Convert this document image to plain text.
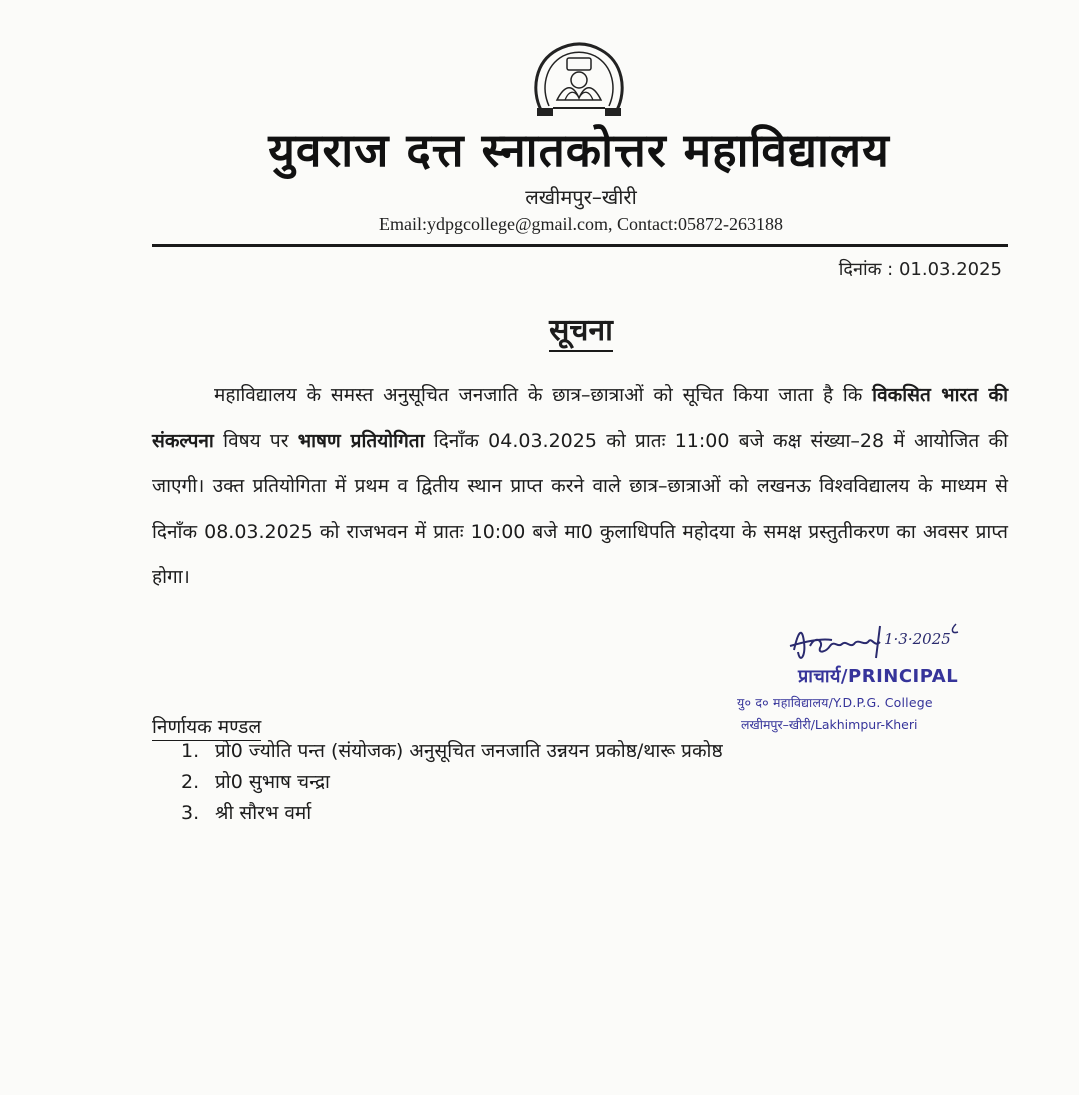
युवराज दत्त स्नातकोत्तर महाविद्यालय
लखीमपुर–खीरी
Email:ydpgcollege@gmail.com, Contact:05872-263188
दिनांक : 01.03.2025
सूचना

महाविद्यालय के समस्त अनुसूचित जनजाति के छात्र–छात्राओं को सूचित किया जाता है कि विकसित भारत की संकल्पना विषय पर भाषण प्रतियोगिता दिनाँक 04.03.2025 को प्रातः 11:00 बजे कक्ष संख्या–28 में आयोजित की जाएगी। उक्त प्रतियोगिता में प्रथम व द्वितीय स्थान प्राप्त करने वाले छात्र–छात्राओं को लखनऊ विश्वविद्यालय के माध्यम से दिनाँक 08.03.2025 को राजभवन में प्रातः 10:00 बजे मा0 कुलाधिपति महोदया के समक्ष प्रस्तुतीकरण का अवसर प्राप्त होगा।

1·3·2025
प्राचार्य/PRINCIPAL
यु० द० महाविद्यालय/Y.D.P.G. College
लखीमपुर–खीरी/Lakhimpur-Kheri
निर्णायक मण्डल
1. प्रो0 ज्योति पन्त (संयोजक) अनुसूचित जनजाति उन्नयन प्रकोष्ठ/थारू प्रकोष्ठ
2. प्रो0 सुभाष चन्द्रा
3. श्री सौरभ वर्मा
